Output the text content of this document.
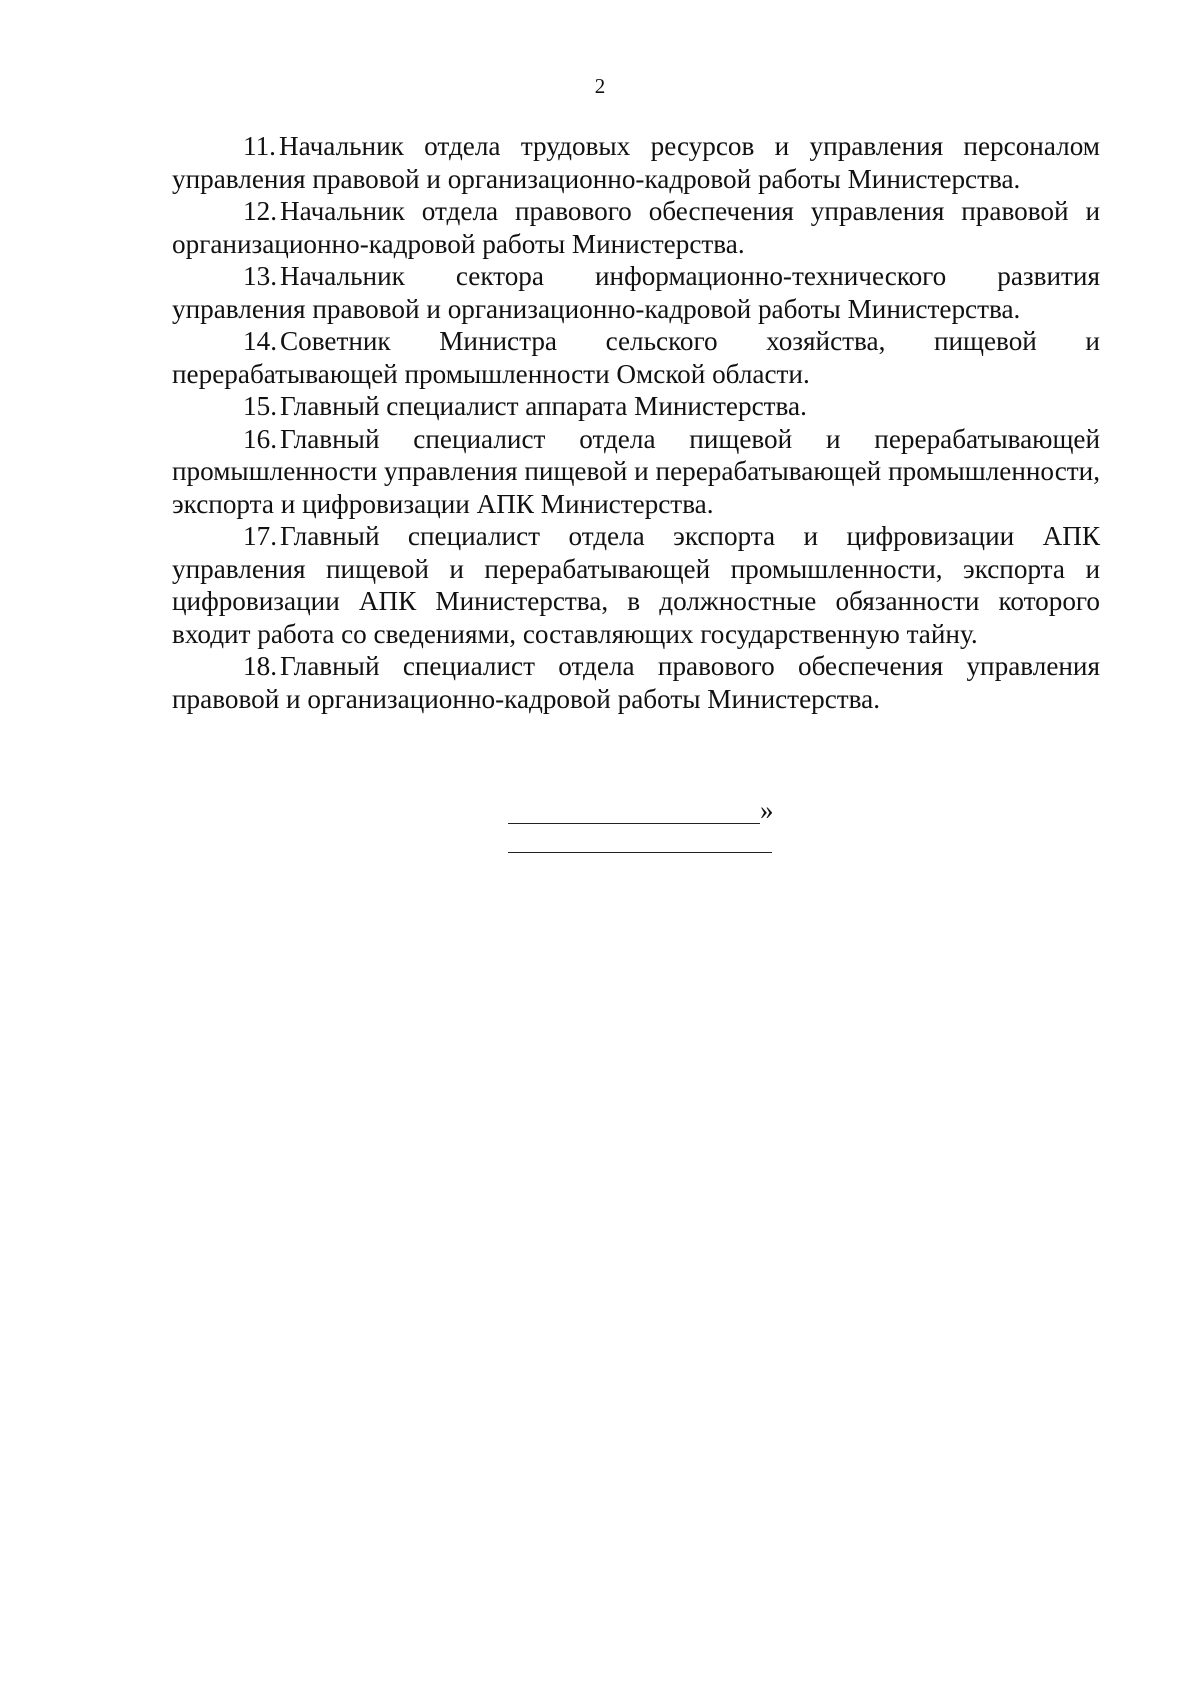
2

11. Начальник отдела трудовых ресурсов и управления персоналом управления правовой и организационно-кадровой работы Министерства.

12. Начальник отдела правового обеспечения управления правовой и организационно-кадровой работы Министерства.

13. Начальник сектора информационно-технического развития управления правовой и организационно-кадровой работы Министерства.

14. Советник Министра сельского хозяйства, пищевой и перерабатывающей промышленности Омской области.

15. Главный специалист аппарата Министерства.

16. Главный специалист отдела пищевой и перерабатывающей промышленности управления пищевой и перерабатывающей промышленности, экспорта и цифровизации АПК Министерства.

17. Главный специалист отдела экспорта и цифровизации АПК управления пищевой и перерабатывающей промышленности, экспорта и цифровизации АПК Министерства, в должностные обязанности которого входит работа со сведениями, составляющих государственную тайну.

18. Главный специалист отдела правового обеспечения управления правовой и организационно-кадровой работы Министерства.

»
